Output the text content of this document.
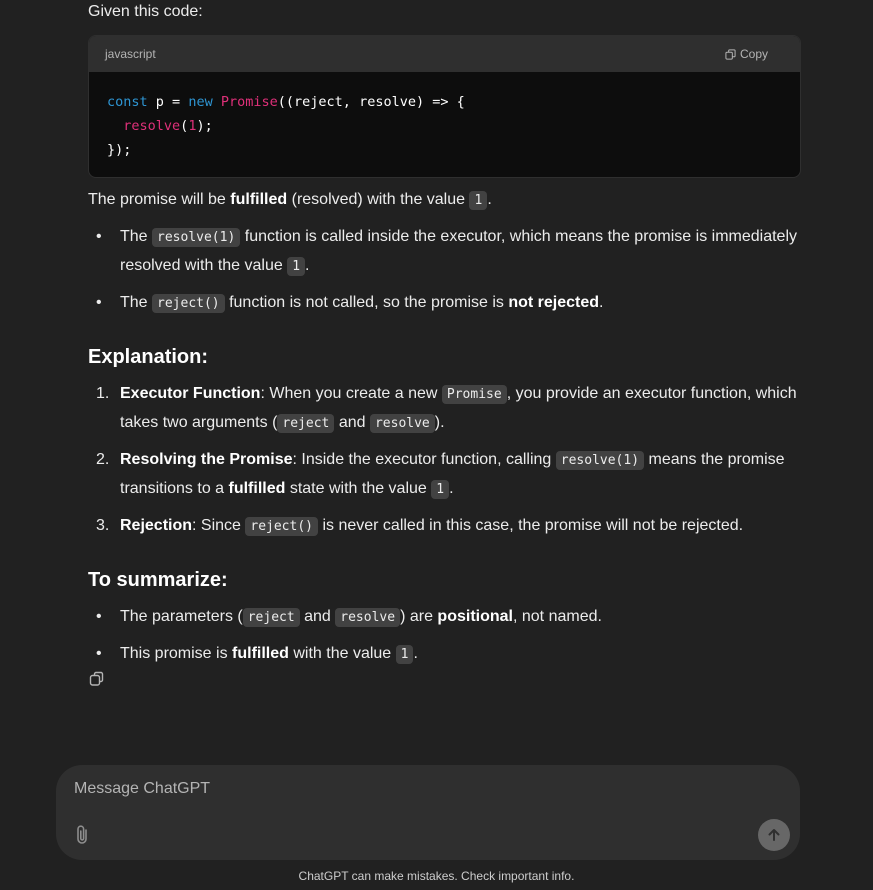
Given this code:
javascript	Copy
const p = new Promise((reject, resolve) => {
resolve(1);
});

The promise will be fulfilled (resolved) with the value 1 .

• The resolve(1) function is called inside the executor, which means the promise is immediately resolved with the value 1 .
• The reject() function is not called, so the promise is not rejected.
Explanation:
1. Executor Function: When you create a new Promise , you provide an executor function, which takes two arguments ( reject and resolve ).
2. Resolving the Promise: Inside the executor function, calling resolve(1) means the promise transitions to a fulfilled state with the value 1 .
3. Rejection: Since reject() is never called in this case, the promise will not be rejected.
To summarize:
• The parameters ( reject and resolve ) are positional, not named.
• This promise is fulfilled with the value 1 .
Message ChatGPT
ChatGPT can make mistakes. Check important info.
